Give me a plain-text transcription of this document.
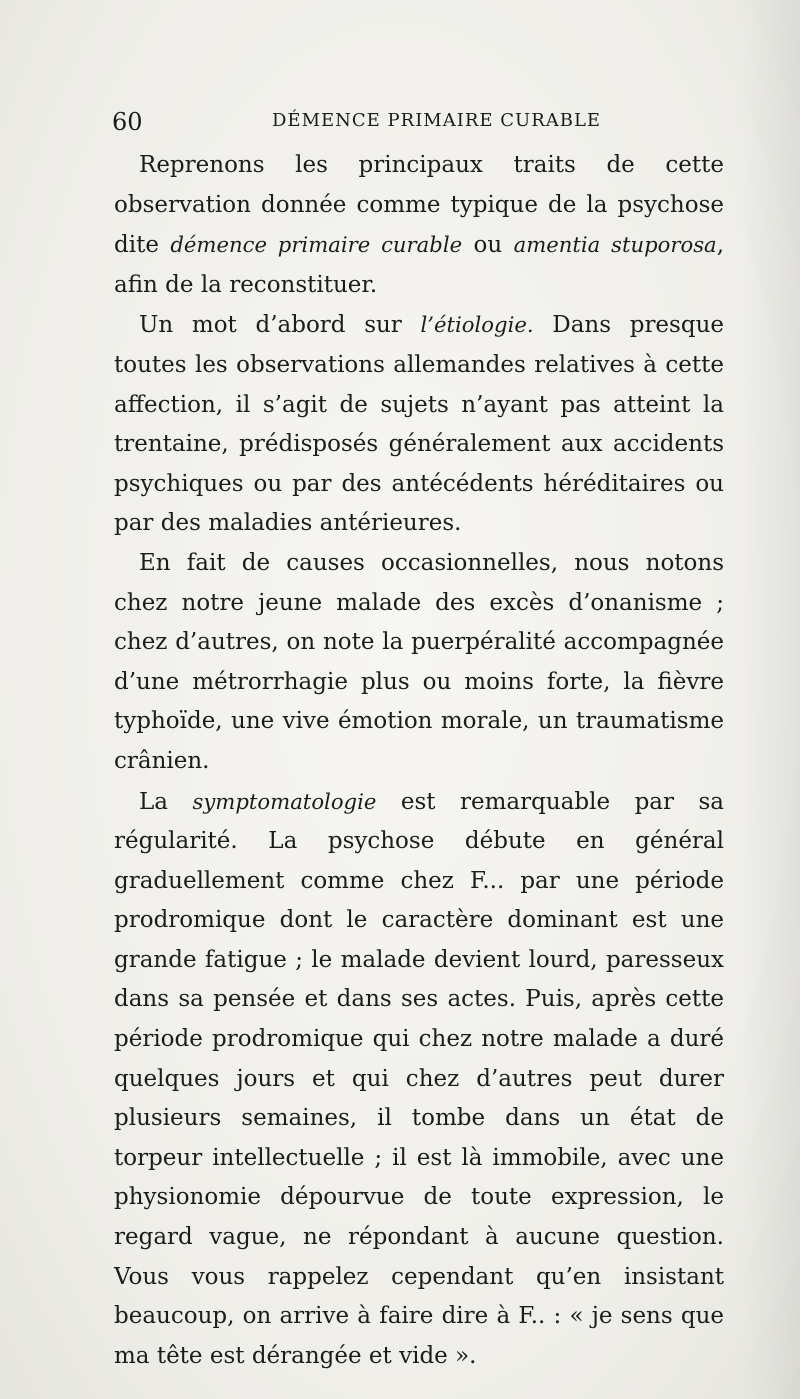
60	DÉMENCE PRIMAIRE CURABLE

Reprenons les principaux traits de cette observation donnée comme typique de la psychose dite démence primaire curable ou amentia stuporosa, afin de la reconstituer.

Un mot d’abord sur l’étiologie. Dans presque toutes les observations allemandes relatives à cette affection, il s’agit de sujets n’ayant pas atteint la trentaine, prédisposés généralement aux accidents psychiques ou par des antécédents héréditaires ou par des maladies antérieures.

En fait de causes occasionnelles, nous notons chez notre jeune malade des excès d’onanisme ; chez d’autres, on note la puerpéralité accompagnée d’une métrorrhagie plus ou moins forte, la fièvre typhoïde, une vive émotion morale, un traumatisme crânien.

La symptomatologie est remarquable par sa régularité. La psychose débute en général graduellement comme chez F... par une période prodromique dont le caractère dominant est une grande fatigue ; le malade devient lourd, paresseux dans sa pensée et dans ses actes. Puis, après cette période prodromique qui chez notre malade a duré quelques jours et qui chez d’autres peut durer plusieurs semaines, il tombe dans un état de torpeur intellectuelle ; il est là immobile, avec une physionomie dépourvue de toute expression, le regard vague, ne répondant à aucune question. Vous vous rappelez cependant qu’en insistant beaucoup, on arrive à faire dire à F.. : « je sens que ma tête est dérangée et vide ».
